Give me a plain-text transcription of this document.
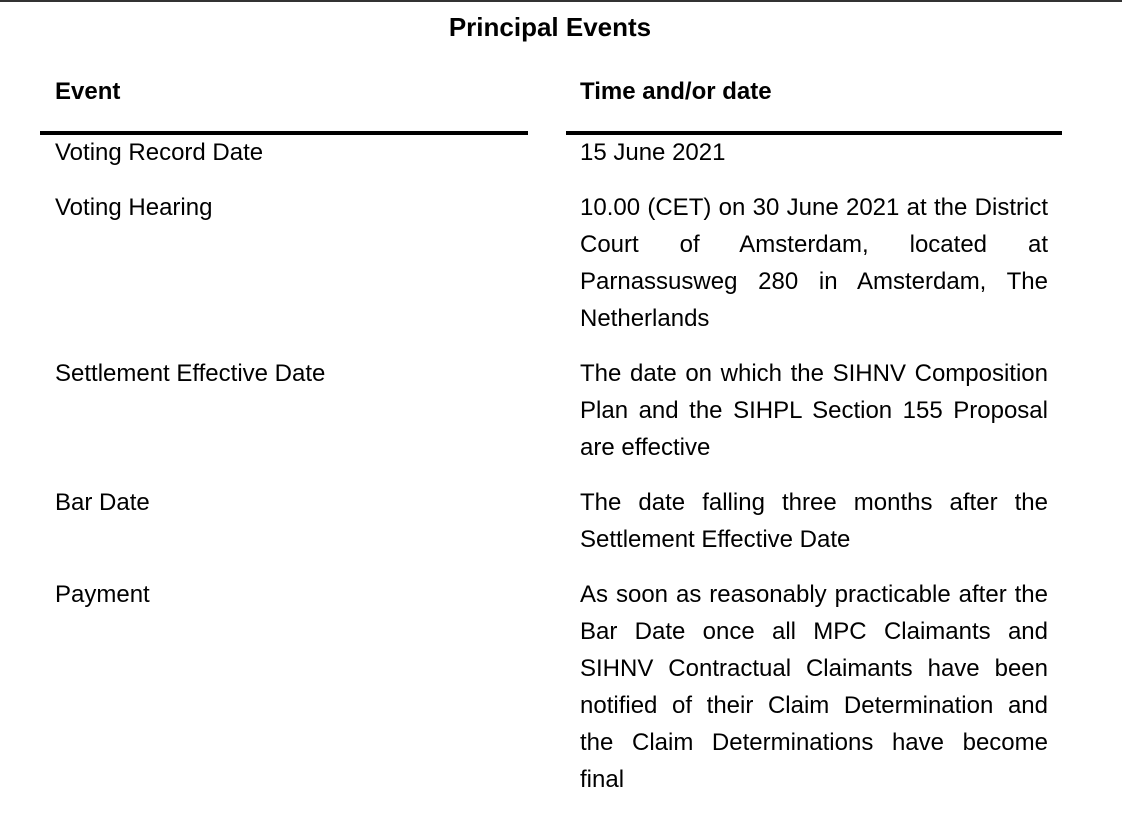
Principal Events
Event	Time and/or date
Voting Record Date	15 June 2021
Voting Hearing	10.00 (CET) on 30 June 2021 at the District Court of Amsterdam, located at Parnassusweg 280 in Amsterdam, The Netherlands
Settlement Effective Date	The date on which the SIHNV Composition Plan and the SIHPL Section 155 Proposal are effective
Bar Date	The date falling three months after the Settlement Effective Date
Payment	As soon as reasonably practicable after the Bar Date once all MPC Claimants and SIHNV Contractual Claimants have been notified of their Claim Determination and the Claim Determinations have become final
